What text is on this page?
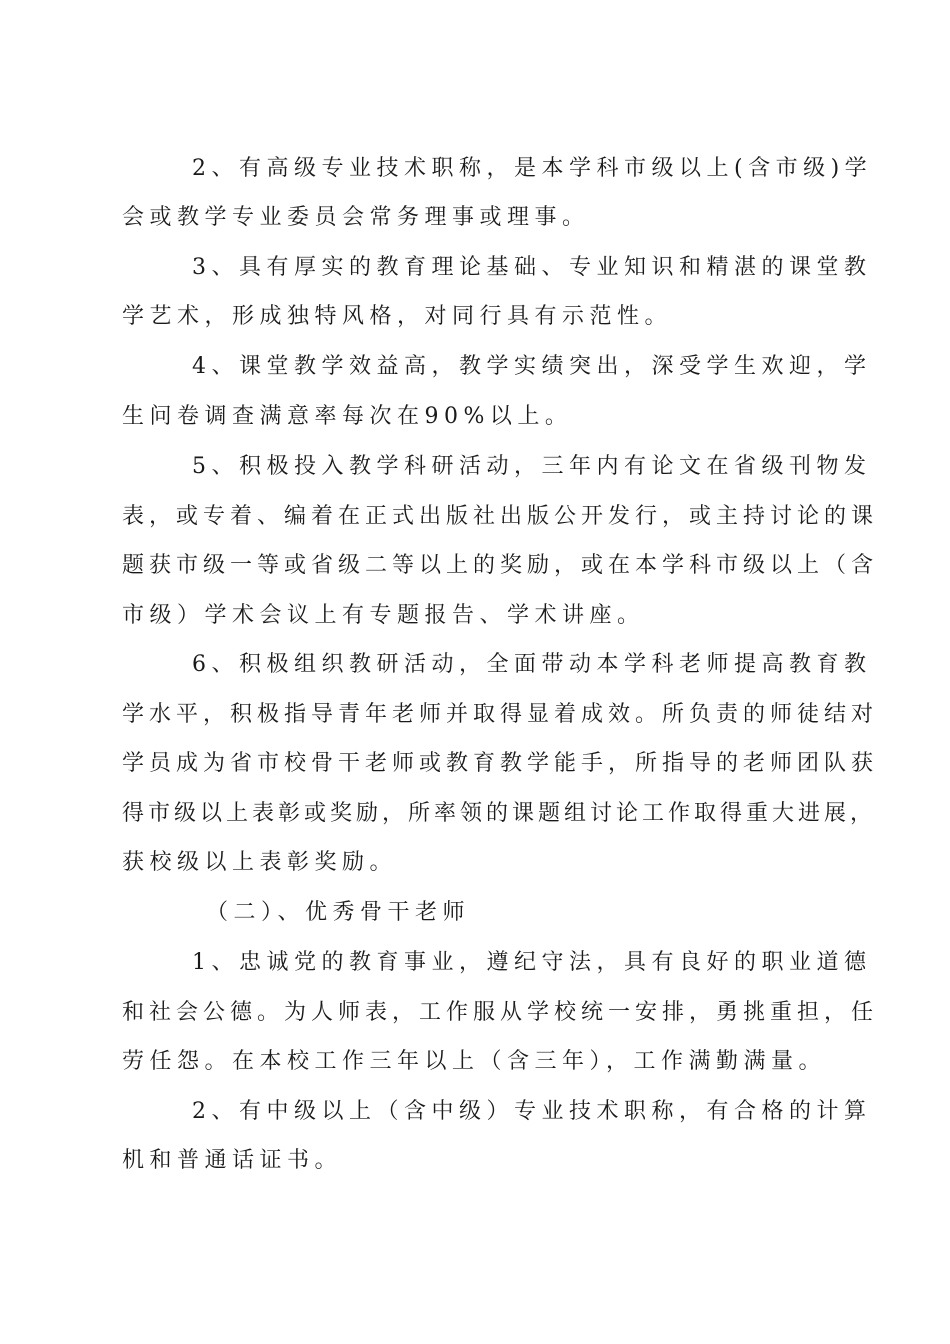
2、有高级专业技术职称，是本学科市级以上(含市级)学
会或教学专业委员会常务理事或理事。
3、具有厚实的教育理论基础、专业知识和精湛的课堂教
学艺术，形成独特风格，对同行具有示范性。
4、课堂教学效益高，教学实绩突出，深受学生欢迎，学
生问卷调查满意率每次在90%以上。
5、积极投入教学科研活动，三年内有论文在省级刊物发
表，或专着、编着在正式出版社出版公开发行，或主持讨论的课
题获市级一等或省级二等以上的奖励，或在本学科市级以上（含
市级）学术会议上有专题报告、学术讲座。
6、积极组织教研活动，全面带动本学科老师提高教育教
学水平，积极指导青年老师并取得显着成效。所负责的师徒结对
学员成为省市校骨干老师或教育教学能手，所指导的老师团队获
得市级以上表彰或奖励，所率领的课题组讨论工作取得重大进展，
获校级以上表彰奖励。
（二）、优秀骨干老师
1、忠诚党的教育事业，遵纪守法，具有良好的职业道德
和社会公德。为人师表，工作服从学校统一安排，勇挑重担，任
劳任怨。在本校工作三年以上（含三年），工作满勤满量。
2、有中级以上（含中级）专业技术职称，有合格的计算
机和普通话证书。
